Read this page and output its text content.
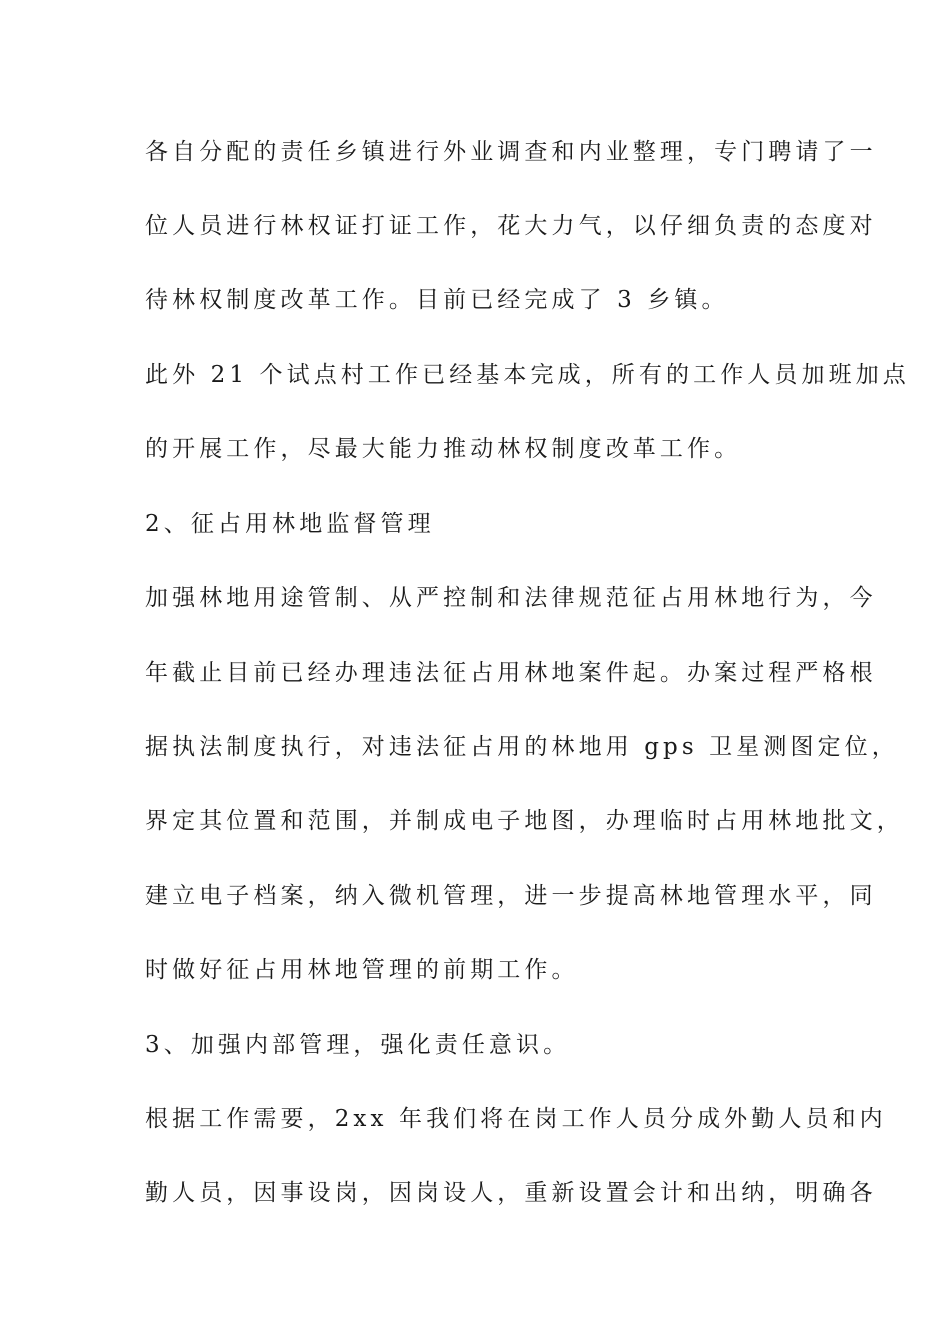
各自分配的责任乡镇进行外业调查和内业整理，专门聘请了一
位人员进行林权证打证工作，花大力气，以仔细负责的态度对
待林权制度改革工作。目前已经完成了 3 乡镇。
此外 21 个试点村工作已经基本完成，所有的工作人员加班加点
的开展工作，尽最大能力推动林权制度改革工作。
2、征占用林地监督管理
加强林地用途管制、从严控制和法律规范征占用林地行为，今
年截止目前已经办理违法征占用林地案件起。办案过程严格根
据执法制度执行，对违法征占用的林地用 gps 卫星测图定位，
界定其位置和范围，并制成电子地图，办理临时占用林地批文，
建立电子档案，纳入微机管理，进一步提高林地管理水平，同
时做好征占用林地管理的前期工作。
3、加强内部管理，强化责任意识。
根据工作需要，2xx 年我们将在岗工作人员分成外勤人员和内
勤人员，因事设岗，因岗设人，重新设置会计和出纳，明确各
